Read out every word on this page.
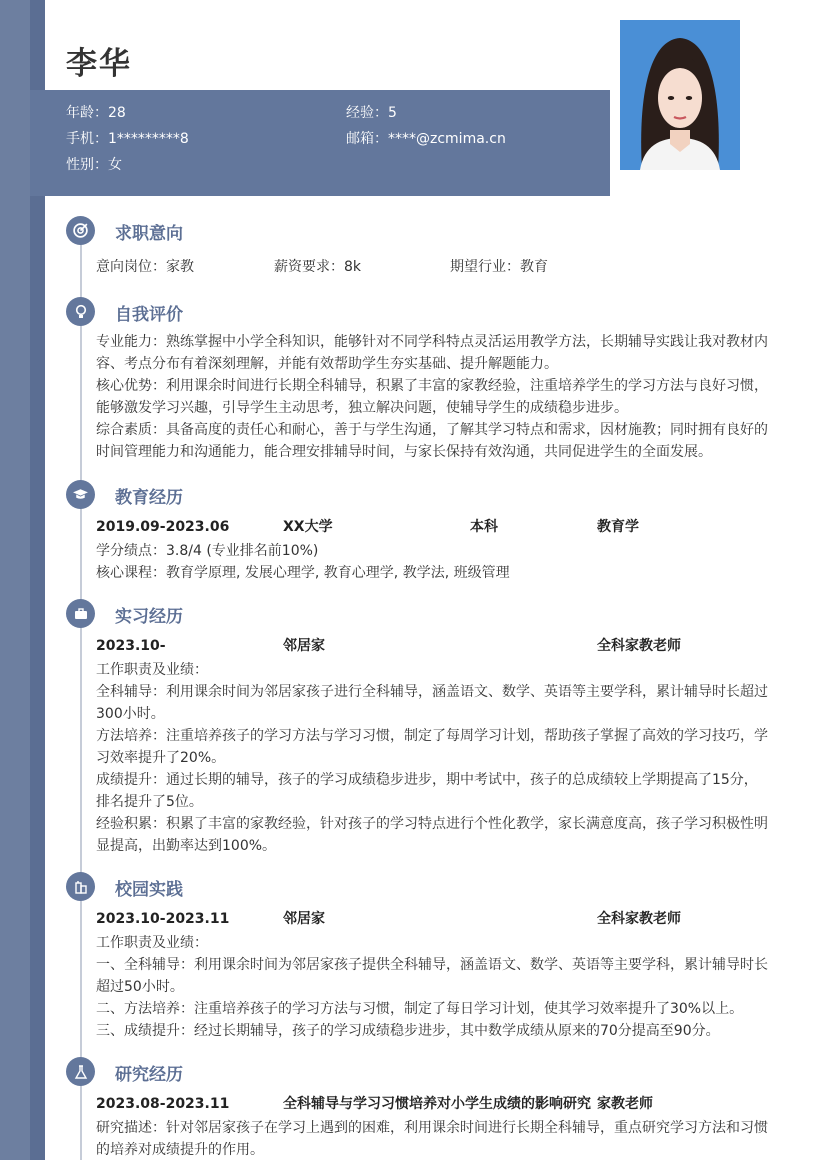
李华
年龄：28	经验：5
手机：1*********8	邮箱：****@zcmima.cn
性别：女
求职意向
意向岗位：家教	薪资要求：8k	期望行业：教育
自我评价

专业能力：熟练掌握中小学全科知识，能够针对不同学科特点灵活运用教学方法，长期辅导实践让我对教材内容、考点分布有着深刻理解，并能有效帮助学生夯实基础、提升解题能力。

核心优势：利用课余时间进行长期全科辅导，积累了丰富的家教经验，注重培养学生的学习方法与良好习惯，能够激发学习兴趣，引导学生主动思考，独立解决问题，使辅导学生的成绩稳步进步。

综合素质：具备高度的责任心和耐心，善于与学生沟通，了解其学习特点和需求，因材施教；同时拥有良好的时间管理能力和沟通能力，能合理安排辅导时间，与家长保持有效沟通，共同促进学生的全面发展。

教育经历
2019.09-2023.06	XX大学	本科	教育学

学分绩点：3.8/4 (专业排名前10%)

核心课程：教育学原理, 发展心理学, 教育心理学, 教学法, 班级管理

实习经历
2023.10-	邻居家	全科家教老师

工作职责及业绩：

全科辅导：利用课余时间为邻居家孩子进行全科辅导，涵盖语文、数学、英语等主要学科，累计辅导时长超过300小时。

方法培养：注重培养孩子的学习方法与学习习惯，制定了每周学习计划，帮助孩子掌握了高效的学习技巧，学习效率提升了20%。

成绩提升：通过长期的辅导，孩子的学习成绩稳步进步，期中考试中，孩子的总成绩较上学期提高了15分，排名提升了5位。

经验积累：积累了丰富的家教经验，针对孩子的学习特点进行个性化教学，家长满意度高，孩子学习积极性明显提高，出勤率达到100%。

校园实践
2023.10-2023.11	邻居家	全科家教老师

工作职责及业绩：

一、全科辅导：利用课余时间为邻居家孩子提供全科辅导，涵盖语文、数学、英语等主要学科，累计辅导时长超过50小时。

二、方法培养：注重培养孩子的学习方法与习惯，制定了每日学习计划，使其学习效率提升了30%以上。

三、成绩提升：经过长期辅导，孩子的学习成绩稳步进步，其中数学成绩从原来的70分提高至90分。

研究经历
2023.08-2023.11	全科辅导与学习习惯培养对小学生成绩的影响研究 家教老师

研究描述：针对邻居家孩子在学习上遇到的困难，利用课余时间进行长期全科辅导，重点研究学习方法和习惯的培养对成绩提升的作用。
